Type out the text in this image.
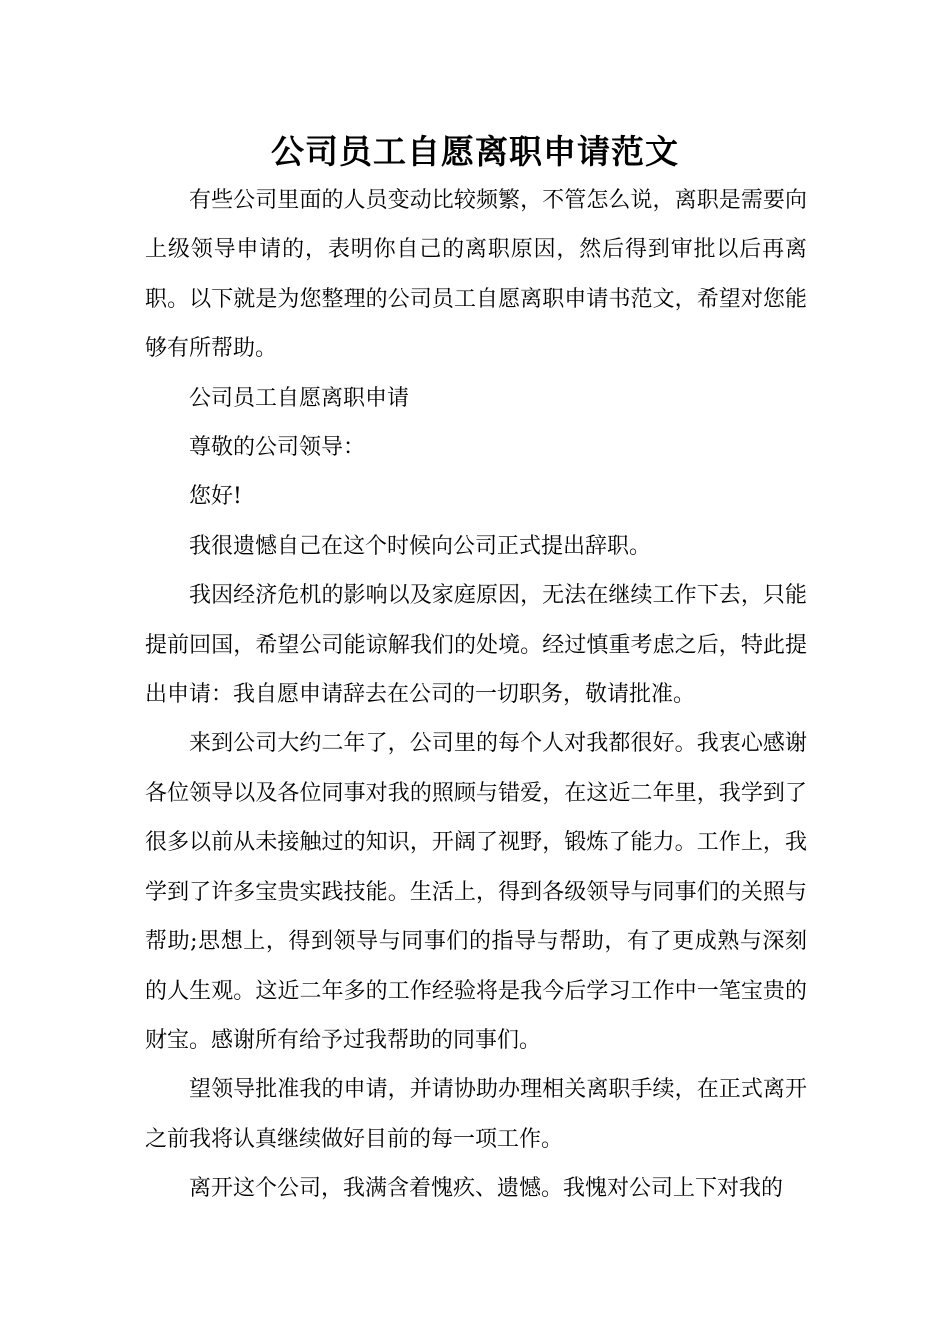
公司员工自愿离职申请范文

有些公司里面的人员变动比较频繁，不管怎么说，离职是需要向上级领导申请的，表明你自己的离职原因，然后得到审批以后再离职。以下就是为您整理的公司员工自愿离职申请书范文，希望对您能够有所帮助。

公司员工自愿离职申请

尊敬的公司领导：

您好!

我很遗憾自己在这个时候向公司正式提出辞职。

我因经济危机的影响以及家庭原因，无法在继续工作下去，只能提前回国，希望公司能谅解我们的处境。经过慎重考虑之后，特此提出申请：我自愿申请辞去在公司的一切职务，敬请批准。

来到公司大约二年了，公司里的每个人对我都很好。我衷心感谢各位领导以及各位同事对我的照顾与错爱，在这近二年里，我学到了很多以前从未接触过的知识，开阔了视野，锻炼了能力。工作上，我学到了许多宝贵实践技能。生活上，得到各级领导与同事们的关照与帮助;思想上，得到领导与同事们的指导与帮助，有了更成熟与深刻的人生观。这近二年多的工作经验将是我今后学习工作中一笔宝贵的财宝。感谢所有给予过我帮助的同事们。

望领导批准我的申请，并请协助办理相关离职手续，在正式离开之前我将认真继续做好目前的每一项工作。

离开这个公司，我满含着愧疚、遗憾。我愧对公司上下对我的
